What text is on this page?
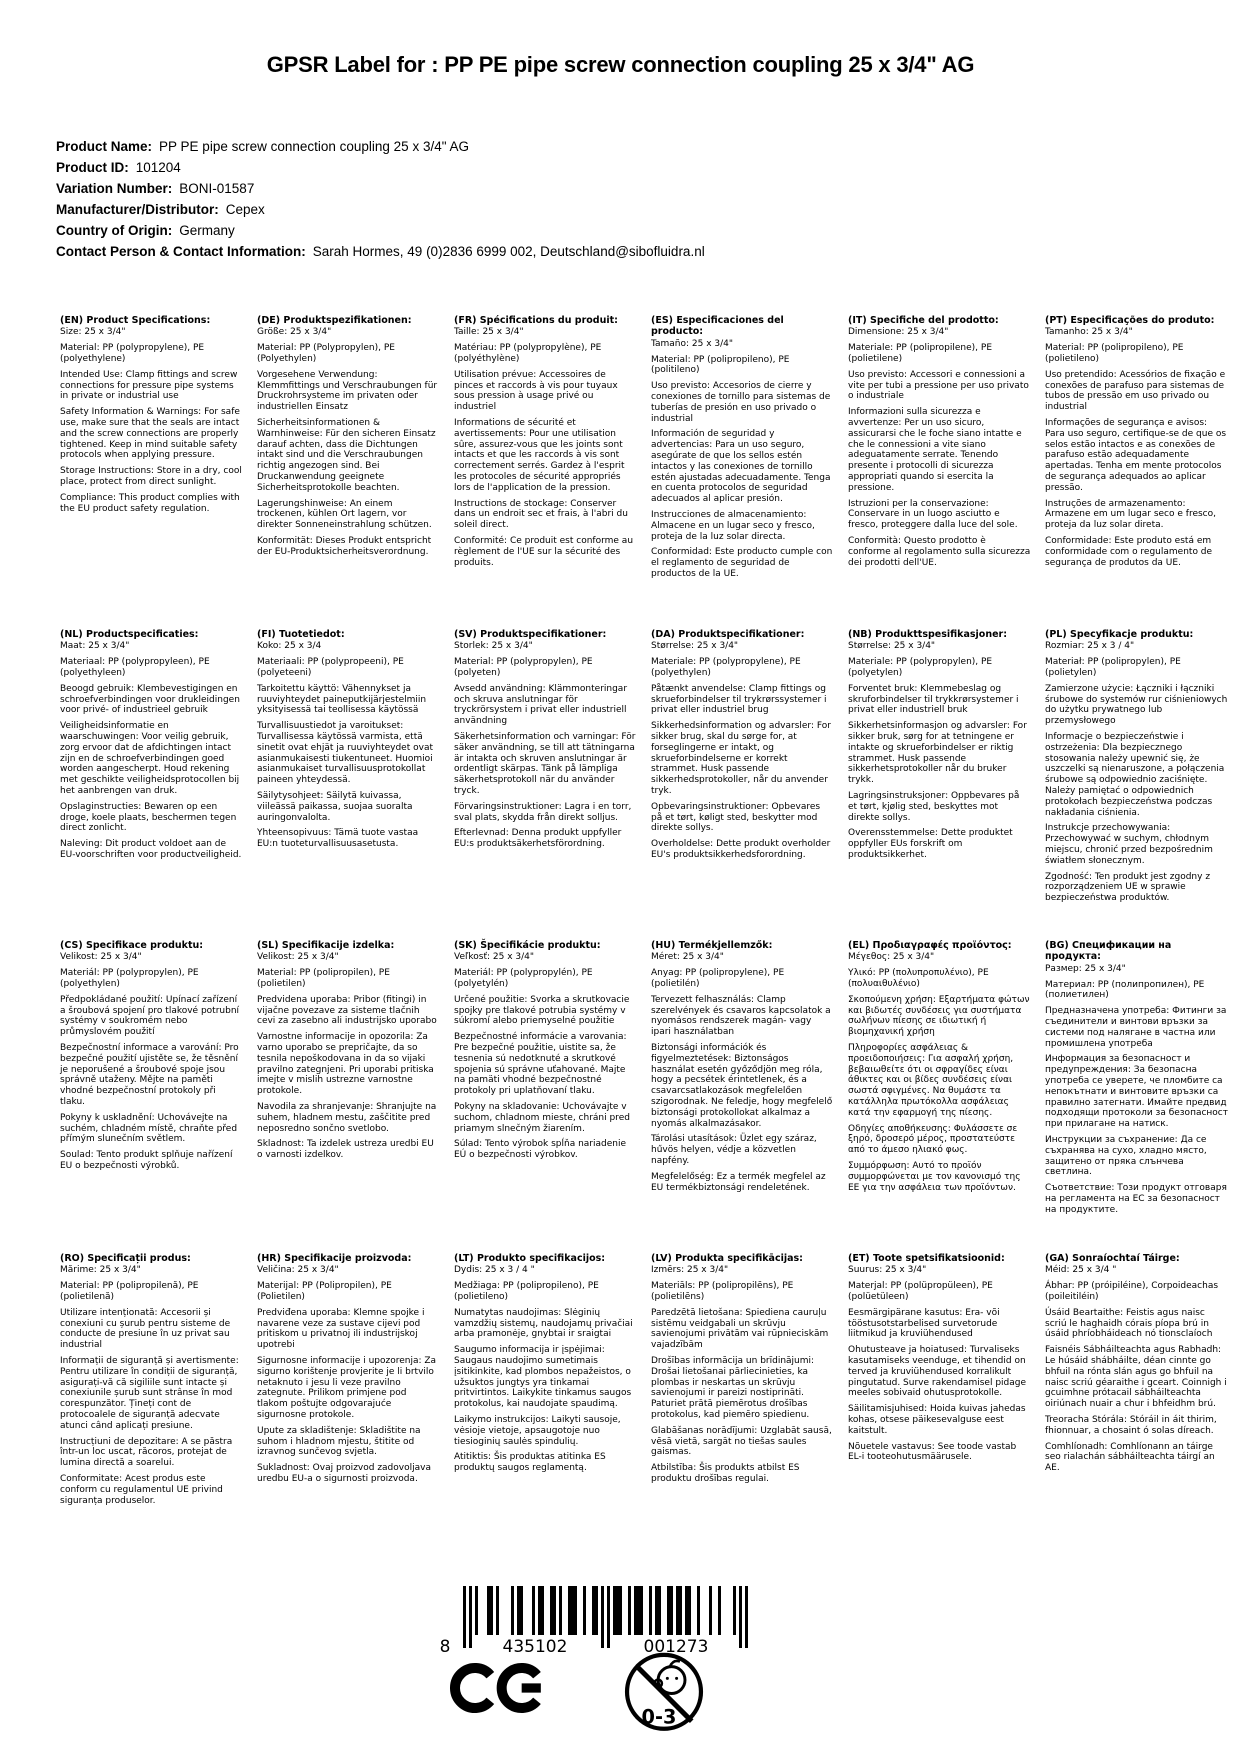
GPSR Label for : PP PE pipe screw connection coupling 25 x 3/4" AG
Product Name: PP PE pipe screw connection coupling 25 x 3/4" AG
Product ID: 101204
Variation Number: BONI-01587
Manufacturer/Distributor: Cepex
Country of Origin: Germany
Contact Person & Contact Information: Sarah Hormes, 49 (0)2836 6999 002, Deutschland@sibofluidra.nl
(EN) Product Specifications:

Size: 25 x 3/4"

Material: PP (polypropylene), PE (polyethylene)

Intended Use: Clamp fittings and screw connections for pressure pipe systems in private or industrial use

Safety Information & Warnings: For safe use, make sure that the seals are intact and the screw connections are properly tightened. Keep in mind suitable safety protocols when applying pressure.

Storage Instructions: Store in a dry, cool place, protect from direct sunlight.

Compliance: This product complies with the EU product safety regulation.

(DE) Produktspezifikationen:

Größe: 25 x 3/4"

Material: PP (Polypropylen), PE (Polyethylen)

Vorgesehene Verwendung: Klemmfittings und Verschraubungen für Druckrohrsysteme im privaten oder industriellen Einsatz

Sicherheitsinformationen & Warnhinweise: Für den sicheren Einsatz darauf achten, dass die Dichtungen intakt sind und die Verschraubungen richtig angezogen sind. Bei Druckanwendung geeignete Sicherheitsprotokolle beachten.

Lagerungshinweise: An einem trockenen, kühlen Ort lagern, vor direkter Sonneneinstrahlung schützen.

Konformität: Dieses Produkt entspricht der EU-Produktsicherheitsverordnung.

(FR) Spécifications du produit:

Taille: 25 x 3/4"

Matériau: PP (polypropylène), PE (polyéthylène)

Utilisation prévue: Accessoires de pinces et raccords à vis pour tuyaux sous pression à usage privé ou industriel

Informations de sécurité et avertissements: Pour une utilisation sûre, assurez-vous que les joints sont intacts et que les raccords à vis sont correctement serrés. Gardez à l'esprit les protocoles de sécurité appropriés lors de l'application de la pression.

Instructions de stockage: Conserver dans un endroit sec et frais, à l'abri du soleil direct.

Conformité: Ce produit est conforme au règlement de l'UE sur la sécurité des produits.

(ES) Especificaciones del producto:

Tamaño: 25 x 3/4"

Material: PP (polipropileno), PE (politileno)

Uso previsto: Accesorios de cierre y conexiones de tornillo para sistemas de tuberías de presión en uso privado o industrial

Información de seguridad y advertencias: Para un uso seguro, asegúrate de que los sellos estén intactos y las conexiones de tornillo estén ajustadas adecuadamente. Tenga en cuenta protocolos de seguridad adecuados al aplicar presión.

Instrucciones de almacenamiento: Almacene en un lugar seco y fresco, proteja de la luz solar directa.

Conformidad: Este producto cumple con el reglamento de seguridad de productos de la UE.

(IT) Specifiche del prodotto:

Dimensione: 25 x 3/4"

Materiale: PP (polipropilene), PE (polietilene)

Uso previsto: Accessori e connessioni a vite per tubi a pressione per uso privato o industriale

Informazioni sulla sicurezza e avvertenze: Per un uso sicuro, assicurarsi che le foche siano intatte e che le connessioni a vite siano adeguatamente serrate. Tenendo presente i protocolli di sicurezza appropriati quando si esercita la pressione.

Istruzioni per la conservazione: Conservare in un luogo asciutto e fresco, proteggere dalla luce del sole.

Conformità: Questo prodotto è conforme al regolamento sulla sicurezza dei prodotti dell'UE.

(PT) Especificações do produto:

Tamanho: 25 x 3/4"

Material: PP (polipropileno), PE (polietileno)

Uso pretendido: Acessórios de fixação e conexões de parafuso para sistemas de tubos de pressão em uso privado ou industrial

Informações de segurança e avisos: Para uso seguro, certifique-se de que os selos estão intactos e as conexões de parafuso estão adequadamente apertadas. Tenha em mente protocolos de segurança adequados ao aplicar pressão.

Instruções de armazenamento: Armazene em um lugar seco e fresco, proteja da luz solar direta.

Conformidade: Este produto está em conformidade com o regulamento de segurança de produtos da UE.

(NL) Productspecificaties:

Maat: 25 x 3/4"

Materiaal: PP (polypropyleen), PE (polyethyleen)

Beoogd gebruik: Klembevestigingen en schroefverbindingen voor drukleidingen voor privé- of industrieel gebruik

Veiligheidsinformatie en waarschuwingen: Voor veilig gebruik, zorg ervoor dat de afdichtingen intact zijn en de schroefverbindingen goed worden aangescherpt. Houd rekening met geschikte veiligheidsprotocollen bij het aanbrengen van druk.

Opslaginstructies: Bewaren op een droge, koele plaats, beschermen tegen direct zonlicht.

Naleving: Dit product voldoet aan de EU-voorschriften voor productveiligheid.

(FI) Tuotetiedot:

Koko: 25 x 3/4

Materiaali: PP (polypropeeni), PE (polyeteeni)

Tarkoitettu käyttö: Vähennykset ja ruuviyhteydet paineputkijärjestelmiin yksityisessä tai teollisessa käytössä

Turvallisuustiedot ja varoitukset: Turvallisessa käytössä varmista, että sinetit ovat ehjät ja ruuviyhteydet ovat asianmukaisesti tiukentuneet. Huomioi asianmukaiset turvallisuusprotokollat paineen yhteydessä.

Säilytysohjeet: Säilytä kuivassa, viileässä paikassa, suojaa suoralta auringonvalolta.

Yhteensopivuus: Tämä tuote vastaa EU:n tuoteturvallisuusasetusta.

(SV) Produktspecifikationer:

Storlek: 25 x 3/4"

Material: PP (polypropylen), PE (polyeten)

Avsedd användning: Klämmonteringar och skruva anslutningar för tryckrörsystem i privat eller industriell användning

Säkerhetsinformation och varningar: För säker användning, se till att tätningarna är intakta och skruven anslutningar är ordentligt skärpas. Tänk på lämpliga säkerhetsprotokoll när du använder tryck.

Förvaringsinstruktioner: Lagra i en torr, sval plats, skydda från direkt solljus.

Efterlevnad: Denna produkt uppfyller EU:s produktsäkerhetsförordning.

(DA) Produktspecifikationer:

Størrelse: 25 x 3/4"

Materiale: PP (polypropylene), PE (polyethylen)

Påtænkt anvendelse: Clamp fittings og skrueforbindelser til trykrørssystemer i privat eller industriel brug

Sikkerhedsinformation og advarsler: For sikker brug, skal du sørge for, at forseglingerne er intakt, og skrueforbindelserne er korrekt strammet. Husk passende sikkerhedsprotokoller, når du anvender tryk.

Opbevaringsinstruktioner: Opbevares på et tørt, køligt sted, beskytter mod direkte sollys.

Overholdelse: Dette produkt overholder EU's produktsikkerhedsforordning.

(NB) Produkttspesifikasjoner:

Størrelse: 25 x 3/4"

Materiale: PP (polypropylen), PE (polyetylen)

Forventet bruk: Klemmebeslag og skruforbindelser til trykkrørsystemer i privat eller industriell bruk

Sikkerhetsinformasjon og advarsler: For sikker bruk, sørg for at tetningene er intakte og skrueforbindelser er riktig strammet. Husk passende sikkerhetsprotokoller når du bruker trykk.

Lagringsinstruksjoner: Oppbevares på et tørt, kjølig sted, beskyttes mot direkte sollys.

Overensstemmelse: Dette produktet oppfyller EUs forskrift om produktsikkerhet.

(PL) Specyfikacje produktu:

Rozmiar: 25 x 3 / 4"

Materiał: PP (polipropylen), PE (polietylen)

Zamierzone użycie: Łączniki i łączniki śrubowe do systemów rur ciśnieniowych do użytku prywatnego lub przemysłowego

Informacje o bezpieczeństwie i ostrzeżenia: Dla bezpiecznego stosowania należy upewnić się, że uszczelki są nienaruszone, a połączenia śrubowe są odpowiednio zaciśnięte. Należy pamiętać o odpowiednich protokołach bezpieczeństwa podczas nakładania ciśnienia.

Instrukcje przechowywania: Przechowywać w suchym, chłodnym miejscu, chronić przed bezpośrednim światłem słonecznym.

Zgodność: Ten produkt jest zgodny z rozporządzeniem UE w sprawie bezpieczeństwa produktów.

(CS) Specifikace produktu:

Velikost: 25 x 3/4"

Materiál: PP (polypropylen), PE (polyethylen)

Předpokládané použití: Upínací zařízení a šroubová spojení pro tlakové potrubní systémy v soukromém nebo průmyslovém použití

Bezpečnostní informace a varování: Pro bezpečné použití ujistěte se, že těsnění je neporušené a šroubové spoje jsou správně utaženy. Mějte na paměti vhodné bezpečnostní protokoly při tlaku.

Pokyny k uskladnění: Uchovávejte na suchém, chladném místě, chraňte před přímým slunečním světlem.

Soulad: Tento produkt splňuje nařízení EU o bezpečnosti výrobků.

(SL) Specifikacije izdelka:

Velikost: 25 x 3/4"

Material: PP (polipropilen), PE (polietilen)

Predvidena uporaba: Pribor (fitingi) in vijačne povezave za sisteme tlačnih cevi za zasebno ali industrijsko uporabo

Varnostne informacije in opozorila: Za varno uporabo se prepričajte, da so tesnila nepoškodovana in da so vijaki pravilno zategnjeni. Pri uporabi pritiska imejte v mislih ustrezne varnostne protokole.

Navodila za shranjevanje: Shranjujte na suhem, hladnem mestu, zaščitite pred neposredno sončno svetlobo.

Skladnost: Ta izdelek ustreza uredbi EU o varnosti izdelkov.

(SK) Špecifikácie produktu:

Veľkosť: 25 x 3/4"

Materiál: PP (polypropylén), PE (polyetylén)

Určené použitie: Svorka a skrutkovacie spojky pre tlakové potrubia systémy v súkromí alebo priemyselné použitie

Bezpečnostné informácie a varovania: Pre bezpečné použitie, uistite sa, že tesnenia sú nedotknuté a skrutkové spojenia sú správne uťahované. Majte na pamäti vhodné bezpečnostné protokoly pri uplatňovaní tlaku.

Pokyny na skladovanie: Uchovávajte v suchom, chladnom mieste, chráni pred priamym slnečným žiarením.

Súlad: Tento výrobok spĺňa nariadenie EÚ o bezpečnosti výrobkov.

(HU) Termékjellemzők:

Méret: 25 x 3/4"

Anyag: PP (polipropylene), PE (polietilén)

Tervezett felhasználás: Clamp szerelvények és csavaros kapcsolatok a nyomásos rendszerek magán- vagy ipari használatban

Biztonsági információk és figyelmeztetések: Biztonságos használat esetén győződjön meg róla, hogy a pecsétek érintetlenek, és a csavarcsatlakozások megfelelően szigorodnak. Ne feledje, hogy megfelelő biztonsági protokollokat alkalmaz a nyomás alkalmazásakor.

Tárolási utasítások: Üzlet egy száraz, hűvös helyen, védje a közvetlen napfény.

Megfelelőség: Ez a termék megfelel az EU termékbiztonsági rendeletének.

(EL) Προδιαγραφές προϊόντος:

Μέγεθος: 25 x 3/4"

Υλικό: PP (πολυπροπυλένιο), PE (πολυαιθυλένιο)

Σκοπούμενη χρήση: Εξαρτήματα φώτων και βιδωτές συνδέσεις για συστήματα σωλήνων πίεσης σε ιδιωτική ή βιομηχανική χρήση

Πληροφορίες ασφάλειας & προειδοποιήσεις: Για ασφαλή χρήση, βεβαιωθείτε ότι οι σφραγίδες είναι άθικτες και οι βίδες συνδέσεις είναι σωστά σφιγμένες. Να θυμάστε τα κατάλληλα πρωτόκολλα ασφάλειας κατά την εφαρμογή της πίεσης.

Οδηγίες αποθήκευσης: Φυλάσσετε σε ξηρό, δροσερό μέρος, προστατεύστε από το άμεσο ηλιακό φως.

Συμμόρφωση: Αυτό το προϊόν συμμορφώνεται με τον κανονισμό της ΕΕ για την ασφάλεια των προϊόντων.

(BG) Спецификации на продукта:

Размер: 25 x 3/4"

Материал: PP (полипропилен), PE (полиетилен)

Предназначена употреба: Фитинги за съединители и винтови връзки за системи под налягане в частна или промишлена употреба

Информация за безопасност и предупреждения: За безопасна употреба се уверете, че пломбите са непокътнати и винтовите връзки са правилно затегнати. Имайте предвид подходящи протоколи за безопасност при прилагане на натиск.

Инструкции за съхранение: Да се съхранява на сухо, хладно място, защитено от пряка слънчева светлина.

Съответствие: Този продукт отговаря на регламента на ЕС за безопасност на продуктите.

(RO) Specificații produs:

Mărime: 25 x 3/4"

Material: PP (polipropilenă), PE (polietilenă)

Utilizare intenționată: Accesorii și conexiuni cu șurub pentru sisteme de conducte de presiune în uz privat sau industrial

Informații de siguranță și avertismente: Pentru utilizare în condiții de siguranță, asigurați-vă că sigiliile sunt intacte și conexiunile șurub sunt strânse în mod corespunzător. Țineți cont de protocoalele de siguranță adecvate atunci când aplicați presiune.

Instrucțiuni de depozitare: A se păstra într-un loc uscat, răcoros, protejat de lumina directă a soarelui.

Conformitate: Acest produs este conform cu regulamentul UE privind siguranța produselor.

(HR) Specifikacije proizvoda:

Veličina: 25 x 3/4"

Materijal: PP (Polipropilen), PE (Polietilen)

Predviđena uporaba: Klemne spojke i navarene veze za sustave cijevi pod pritiskom u privatnoj ili industrijskoj upotrebi

Sigurnosne informacije i upozorenja: Za sigurno korištenje provjerite je li brtvilo netaknuto i jesu li veze pravilno zategnute. Prilikom primjene pod tlakom poštujte odgovarajuće sigurnosne protokole.

Upute za skladištenje: Skladištite na suhom i hladnom mjestu, štitite od izravnog sunčevog svjetla.

Sukladnost: Ovaj proizvod zadovoljava uredbu EU-a o sigurnosti proizvoda.

(LT) Produkto specifikacijos:

Dydis: 25 x 3 / 4 "

Medžiaga: PP (polipropileno), PE (polietileno)

Numatytas naudojimas: Slėginių vamzdžių sistemų, naudojamų privačiai arba pramonėje, gnybtai ir sraigtai

Saugumo informacija ir įspėjimai: Saugaus naudojimo sumetimais įsitikinkite, kad plombos nepažeistos, o užsuktos jungtys yra tinkamai pritvirtintos. Laikykite tinkamus saugos protokolus, kai naudojate spaudimą.

Laikymo instrukcijos: Laikyti sausoje, vėsioje vietoje, apsaugotoje nuo tiesioginių saulės spindulių.

Atitiktis: Šis produktas atitinka ES produktų saugos reglamentą.

(LV) Produkta specifikācijas:

Izmērs: 25 x 3/4"

Materiāls: PP (polipropilēns), PE (polietilēns)

Paredzētā lietošana: Spiediena cauruļu sistēmu veidgabali un skrūvju savienojumi privātām vai rūpnieciskām vajadzībām

Drošības informācija un brīdinājumi: Drošai lietošanai pārliecinieties, ka plombas ir neskartas un skrūvju savienojumi ir pareizi nostiprināti. Paturiet prātā piemērotus drošības protokolus, kad piemēro spiedienu.

Glabāšanas norādījumi: Uzglabāt sausā, vēsā vietā, sargāt no tiešas saules gaismas.

Atbilstība: Šis produkts atbilst ES produktu drošības regulai.

(ET) Toote spetsifikatsioonid:

Suurus: 25 x 3/4"

Materjal: PP (polüpropüleen), PE (polüetüleen)

Eesmärgipärane kasutus: Era- või tööstusotstarbelised survetorude liitmikud ja kruviühendused

Ohutusteave ja hoiatused: Turvaliseks kasutamiseks veenduge, et tihendid on terved ja kruviühendused korralikult pingutatud. Surve rakendamisel pidage meeles sobivaid ohutusprotokolle.

Säilitamisjuhised: Hoida kuivas jahedas kohas, otsese päikesevalguse eest kaitstult.

Nõuetele vastavus: See toode vastab EL-i tooteohutusmäärusele.

(GA) Sonraíochtaí Táirge:

Méid: 25 x 3/4 "

Ábhar: PP (próipiléine), Corpoideachas (poileitiléin)

Úsáid Beartaithe: Feistis agus naisc scriú le haghaidh córais píopa brú in úsáid phríobháideach nó tionsclaíoch

Faisnéis Sábháilteachta agus Rabhadh: Le húsáid shábháilte, déan cinnte go bhfuil na rónta slán agus go bhfuil na naisc scriú géaraithe i gceart. Coinnigh i gcuimhne prótacail sábháilteachta oiriúnach nuair a chur i bhfeidhm brú.

Treoracha Stórála: Stóráil in áit thirim, fhionnuar, a chosaint ó solas díreach.

Comhlíonadh: Comhlíonann an táirge seo rialachán sábháilteachta táirgí an AE.

8	435102	001273
0-3
